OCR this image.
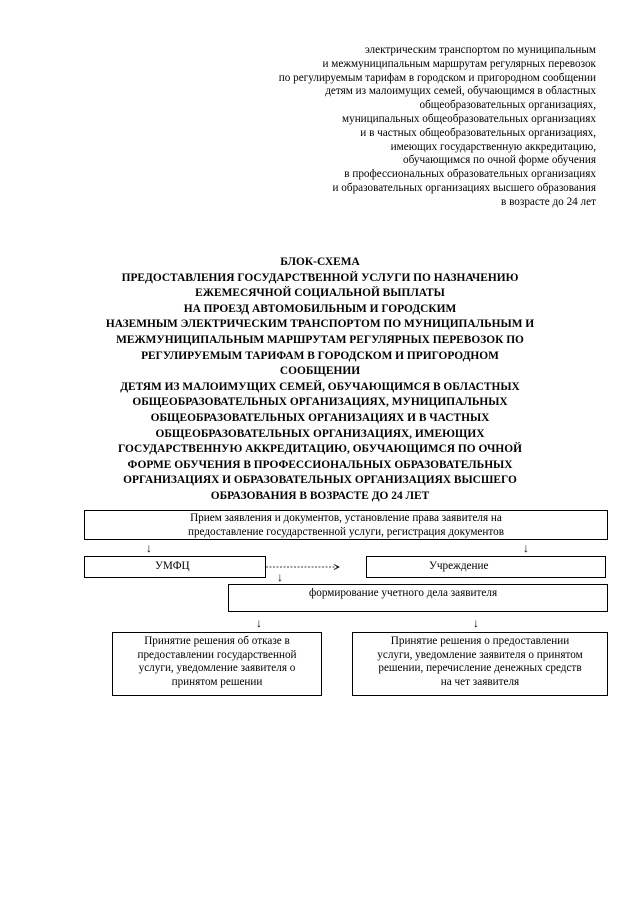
электрическим транспортом по муниципальным
и межмуниципальным маршрутам регулярных перевозок
по регулируемым тарифам в городском и пригородном сообщении
детям из малоимущих семей, обучающимся в областных
общеобразовательных организациях,
муниципальных общеобразовательных организациях
и в частных общеобразовательных организациях,
имеющих государственную аккредитацию,
обучающимся по очной форме обучения
в профессиональных образовательных организациях
и образовательных организациях высшего образования
в возрасте до 24 лет
БЛОК-СХЕМА
ПРЕДОСТАВЛЕНИЯ ГОСУДАРСТВЕННОЙ УСЛУГИ ПО НАЗНАЧЕНИЮ
ЕЖЕМЕСЯЧНОЙ СОЦИАЛЬНОЙ ВЫПЛАТЫ
НА ПРОЕЗД АВТОМОБИЛЬНЫМ И ГОРОДСКИМ
НАЗЕМНЫМ ЭЛЕКТРИЧЕСКИМ ТРАНСПОРТОМ ПО МУНИЦИПАЛЬНЫМ И
МЕЖМУНИЦИПАЛЬНЫМ МАРШРУТАМ РЕГУЛЯРНЫХ ПЕРЕВОЗОК ПО
РЕГУЛИРУЕМЫМ ТАРИФАМ В ГОРОДСКОМ И ПРИГОРОДНОМ
СООБЩЕНИИ
ДЕТЯМ ИЗ МАЛОИМУЩИХ СЕМЕЙ, ОБУЧАЮЩИМСЯ В ОБЛАСТНЫХ
ОБЩЕОБРАЗОВАТЕЛЬНЫХ ОРГАНИЗАЦИЯХ, МУНИЦИПАЛЬНЫХ
ОБЩЕОБРАЗОВАТЕЛЬНЫХ ОРГАНИЗАЦИЯХ И В ЧАСТНЫХ
ОБЩЕОБРАЗОВАТЕЛЬНЫХ ОРГАНИЗАЦИЯХ, ИМЕЮЩИХ
ГОСУДАРСТВЕННУЮ АККРЕДИТАЦИЮ, ОБУЧАЮЩИМСЯ ПО ОЧНОЙ
ФОРМЕ ОБУЧЕНИЯ В ПРОФЕССИОНАЛЬНЫХ ОБРАЗОВАТЕЛЬНЫХ
ОРГАНИЗАЦИЯХ И ОБРАЗОВАТЕЛЬНЫХ ОРГАНИЗАЦИЯХ ВЫСШЕГО
ОБРАЗОВАНИЯ В ВОЗРАСТЕ ДО 24 ЛЕТ
Прием заявления и документов, установление права заявителя на
предоставление государственной услуги, регистрация документов
↓	↓
УМФЦ	Учреждение
↓
формирование учетного дела заявителя
↓	↓
Принятие решения об отказе в
предоставлении государственной
услуги, уведомление заявителя о
принятом решении
Принятие решения о предоставлении
услуги, уведомление заявителя о принятом
решении, перечисление денежных средств
на чет заявителя
